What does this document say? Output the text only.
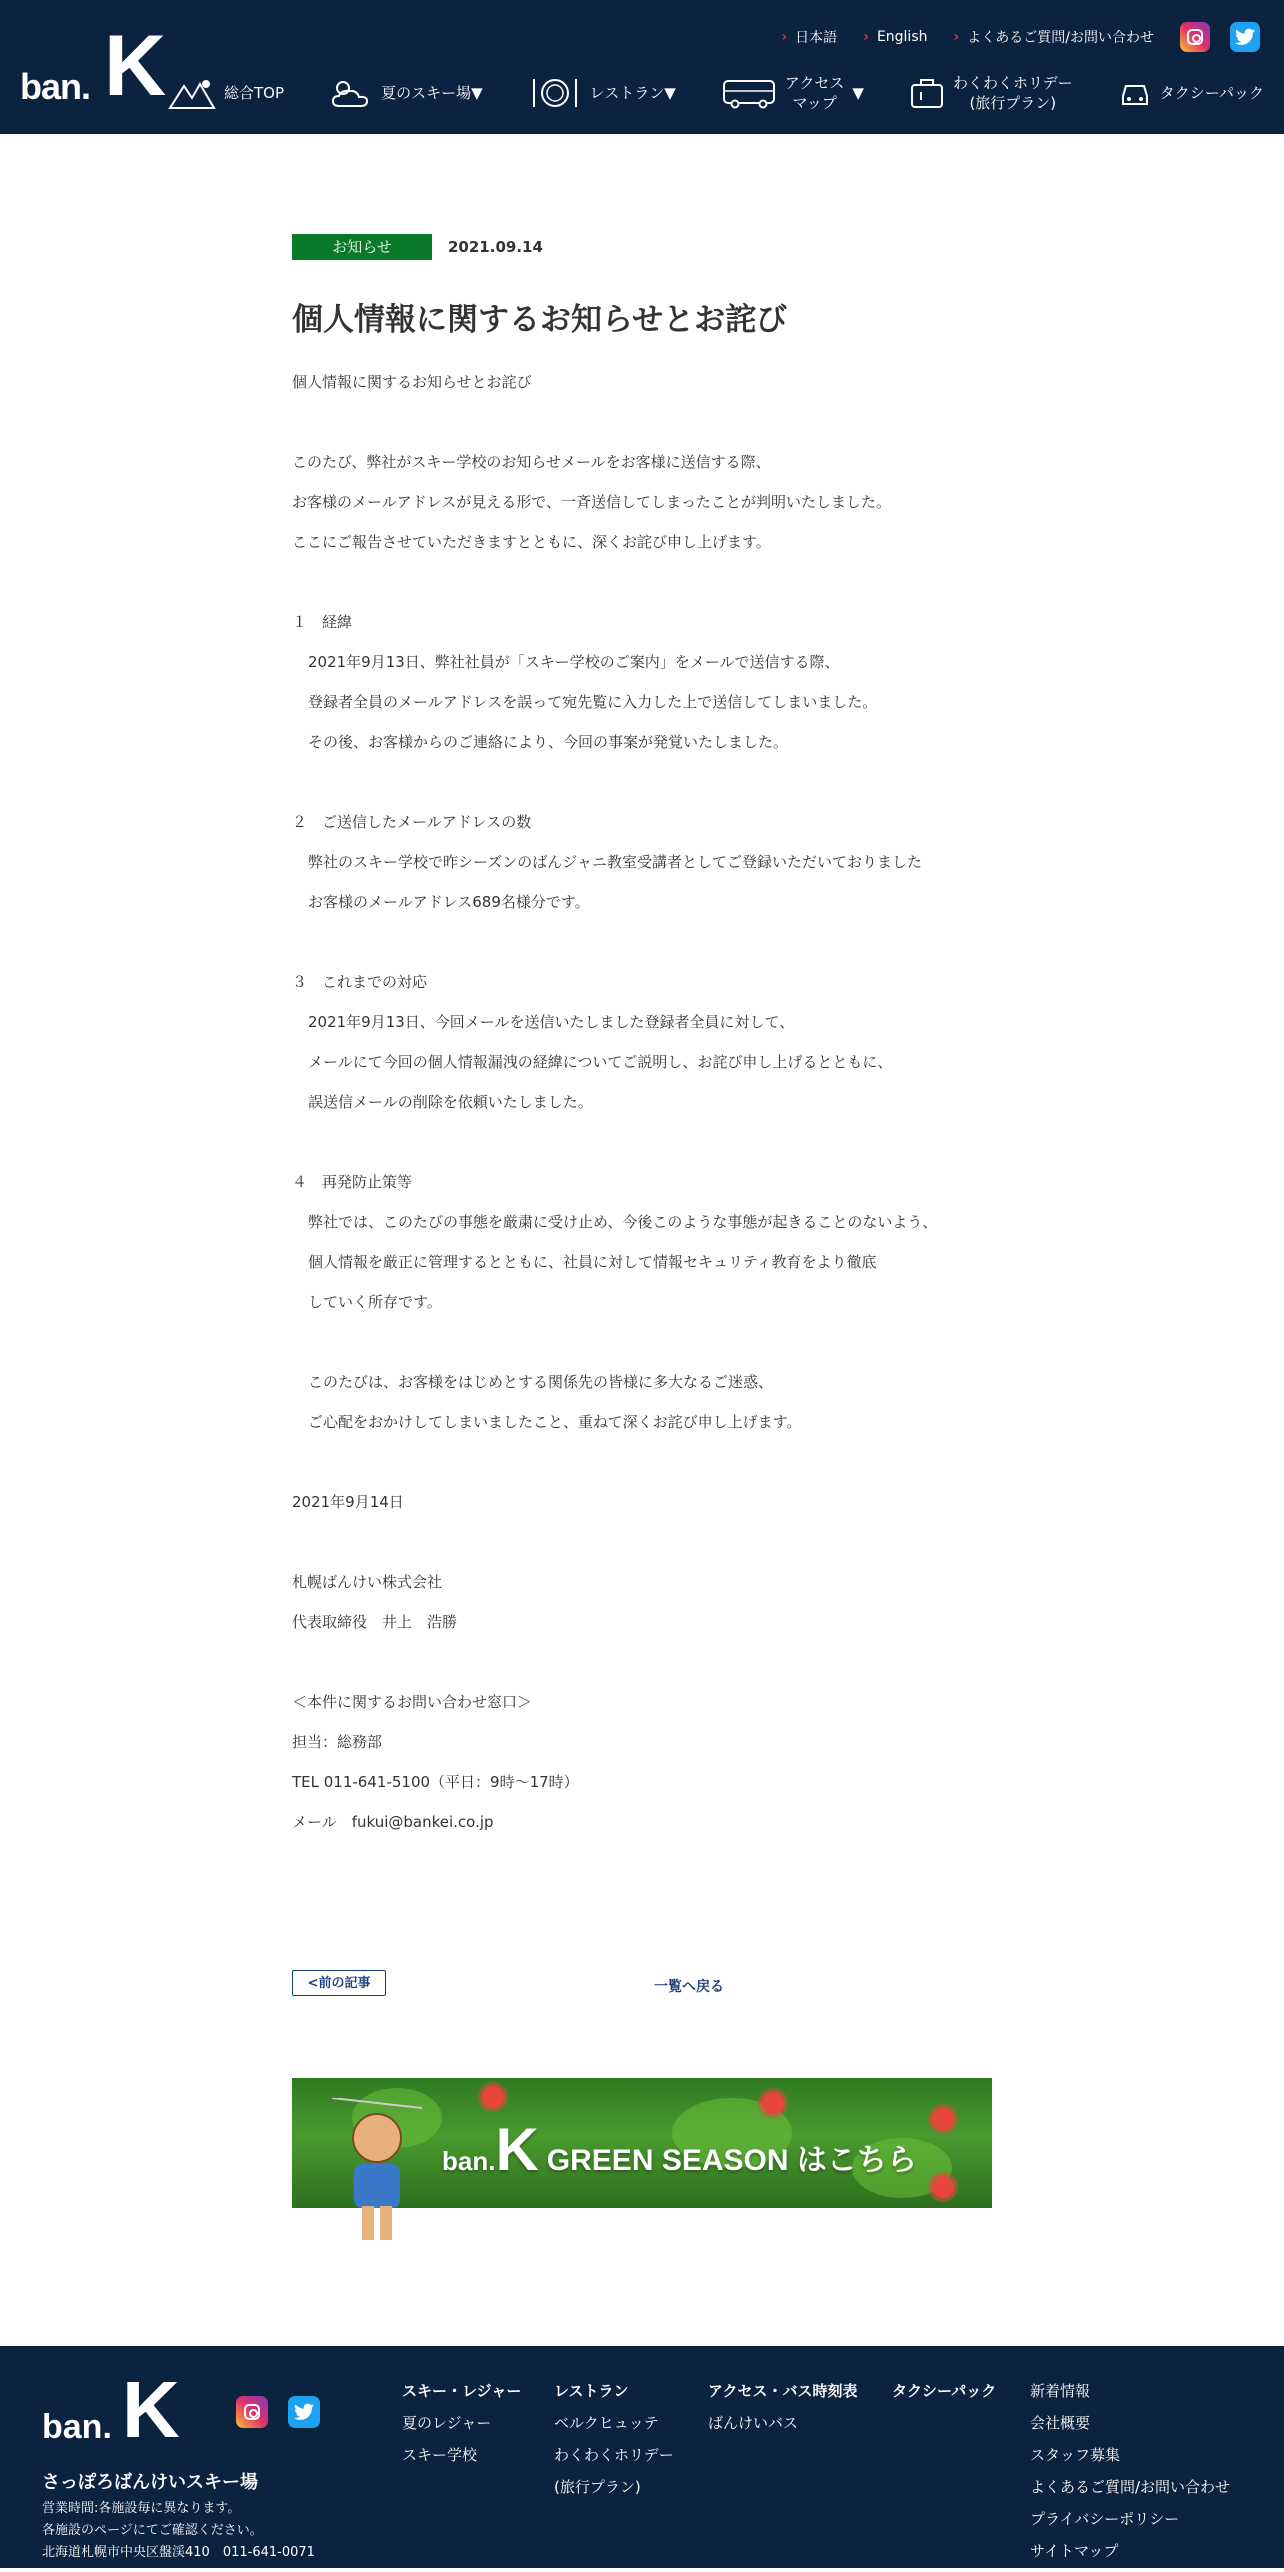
ban. K	› 日本語 › English › よくあるご質問/お問い合わせ
総合TOP	夏のスキー場▼	レストラン▼
アクセス
マップ
▼
わくわくホリデー
(旅行プラン)
タクシーパック
お知らせ	2021.09.14
個人情報に関するお知らせとお詫び
個人情報に関するお知らせとお詫び
このたび、弊社がスキー学校のお知らせメールをお客様に送信する際、
お客様のメールアドレスが見える形で、一斉送信してしまったことが判明いたしました。
ここにご報告させていただきますとともに、深くお詫び申し上げます。
１　経緯
2021年9月13日、弊社社員が「スキー学校のご案内」をメールで送信する際、
登録者全員のメールアドレスを誤って宛先覧に入力した上で送信してしまいました。
その後、お客様からのご連絡により、今回の事案が発覚いたしました。
２　ご送信したメールアドレスの数
弊社のスキー学校で昨シーズンのばんジャニ教室受講者としてご登録いただいておりました
お客様のメールアドレス689名様分です。
３　これまでの対応
2021年9月13日、今回メールを送信いたしました登録者全員に対して、
メールにて今回の個人情報漏洩の経緯についてご説明し、お詫び申し上げるとともに、
誤送信メールの削除を依頼いたしました。
４　再発防止策等
弊社では、このたびの事態を厳粛に受け止め、今後このような事態が起きることのないよう、
個人情報を厳正に管理するとともに、社員に対して情報セキュリティ教育をより徹底
していく所存です。
このたびは、お客様をはじめとする関係先の皆様に多大なるご迷惑、
ご心配をおかけしてしまいましたこと、重ねて深くお詫び申し上げます。
2021年9月14日
札幌ばんけい株式会社
代表取締役　井上　浩勝
＜本件に関するお問い合わせ窓口＞
担当：総務部
TEL 011-641-5100（平日：9時～17時）
メール　fukui@bankei.co.jp
<前の記事	一覧へ戻る
ban.K GREEN SEASON はこちら
ban. K
さっぽろばんけいスキー場
営業時間:各施設毎に異なります。
各施設のページにてご確認ください。
北海道札幌市中央区盤渓410　011-641-0071
スキー・レジャー
夏のレジャー
スキー学校
レストラン
ベルクヒュッテ
わくわくホリデー
(旅行プラン)
アクセス・バス時刻表
ばんけいバス
タクシーパック 新着情報
会社概要
スタッフ募集
よくあるご質問/お問い合わせ
プライバシーポリシー
サイトマップ
